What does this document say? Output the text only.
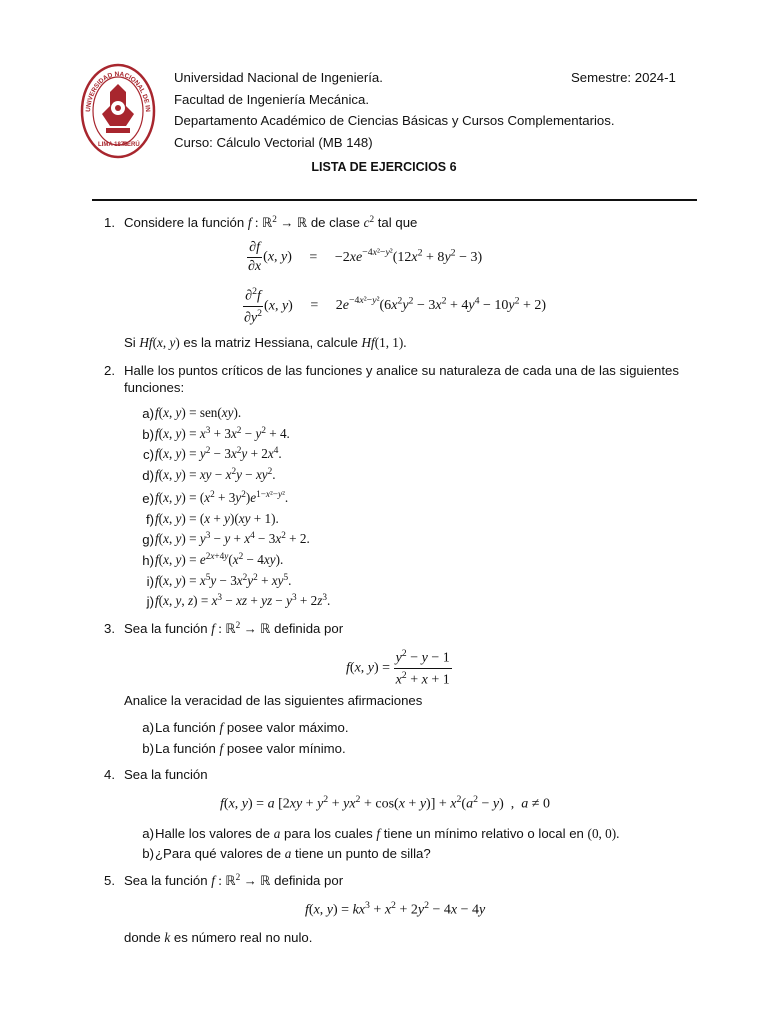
UNIVERSIDAD NACIONAL DE IN
LIMA 1876
PERÚ
Universidad Nacional de Ingeniería.	Semestre: 2024-1
Facultad de Ingeniería Mecánica.
Departamento Académico de Ciencias Básicas y Cursos Complementarios.
Curso: Cálculo Vectorial (MB 148)
LISTA DE EJERCICIOS 6
1. Considere la función f : ℝ$^2$ → ℝ de clase $c^2$ tal que
$\frac{\partial f}{\partial x} (x$, $y) = -2xe^{-4x^2-y^2}(12x^2 + 8y^2 - 3)$
$\frac{\partial^2f}{\partial y^2} (x$, $y) = 2e^{-4x^2-y^2}(6x^2y^2 - 3x^2 + 4y^4 - 10y^2 + 2)$
Si Hf(x, y) es la matriz Hessiana, calcule Hf(1, 1).
2. Halle los puntos críticos de las funciones y analice su naturaleza de cada una de las siguientes
funciones:
a) f(x, y) = sen(xy).
b) f(x, $y) = x^3 + 3x^2 - y^2 + 4$.
c) f(x, $y) = y^2 - 3x^2y + 2x^4$.
d) f(x, y) = xy − $x^2y - xy^2$.
e) f(x, $y) = (x^2 + 3y^2)e^{1-x^2-y^2}$.
f) f(x, y) = (x + y)(xy + 1).
g) f(x, $y) = y^3 - y + x^4 - 3x^2 + 2$.
h) f(x, $y) = e^{2x+4y}(x^2 - 4xy)$.
i) f(x, $y) = x^5y - 3x^2y^2 + xy^5$.
j) f(x, y, $z) = x^3$ − xz + yz − $y^3 + 2z^3$.
3. Sea la función f : ℝ$^2$ → ℝ definida por
f(x, $y) = \frac{y^2 - y - 1}{x^2 + x + 1}$
Analice la veracidad de las siguientes afirmaciones
a) La función f posee valor máximo.
b) La función f posee valor mínimo.
4. Sea la función
f(x, y) = a $[2xy + y^2 + yx^2 + \cos(x + y)] + x^2(a^2 - y)$  ,  a ≠ 0
a) Halle los valores de a para los cuales f tiene un mínimo relativo o local en (0, 0).
b) ¿Para qué valores de a tiene un punto de silla?
5. Sea la función f : ℝ$^2$ → ℝ definida por
f(x, $y) = kx^3 + x^2 + 2y^2 - 4x - 4y$
donde k es número real no nulo.
